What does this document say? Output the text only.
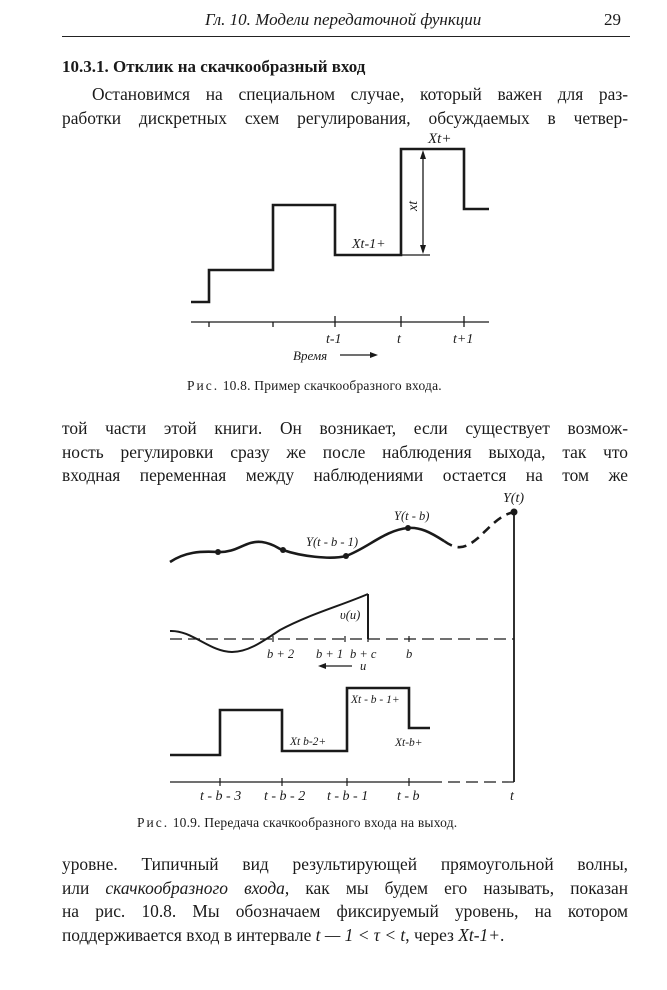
Гл. 10. Модели передаточной функции	29
10.3.1. Отклик на скачкообразный вход
Остановимся на специальном случае, который важен для раз-
работки дискретных схем регулирования, обсуждаемых в четвер-
Xt+
xt
Xt-1+
t-1	t	t+1
Время
Рис. 10.8. Пример скачкообразного входа.
той части этой книги. Он возникает, если существует возмож-
ность регулировки сразу же после наблюдения выхода, так что
входная переменная между наблюдениями остается на том же
Y(t)
Y(t - b)
Y(t - b - 1)
υ(u)
b + 2 b + 1 b + c b
u
Xt - b - 1+
Xt b-2+	Xt-b+
t - b - 3 t - b - 2 t - b - 1 t - b	t
Рис. 10.9. Передача скачкообразного входа на выход.
уровне. Типичный вид результирующей прямоугольной волны,
или скачкообразного входа, как мы будем его называть, показан
на рис. 10.8. Мы обозначаем фиксируемый уровень, на котором
поддерживается вход в интервале t — 1 < τ < t, через Xt-1+.
